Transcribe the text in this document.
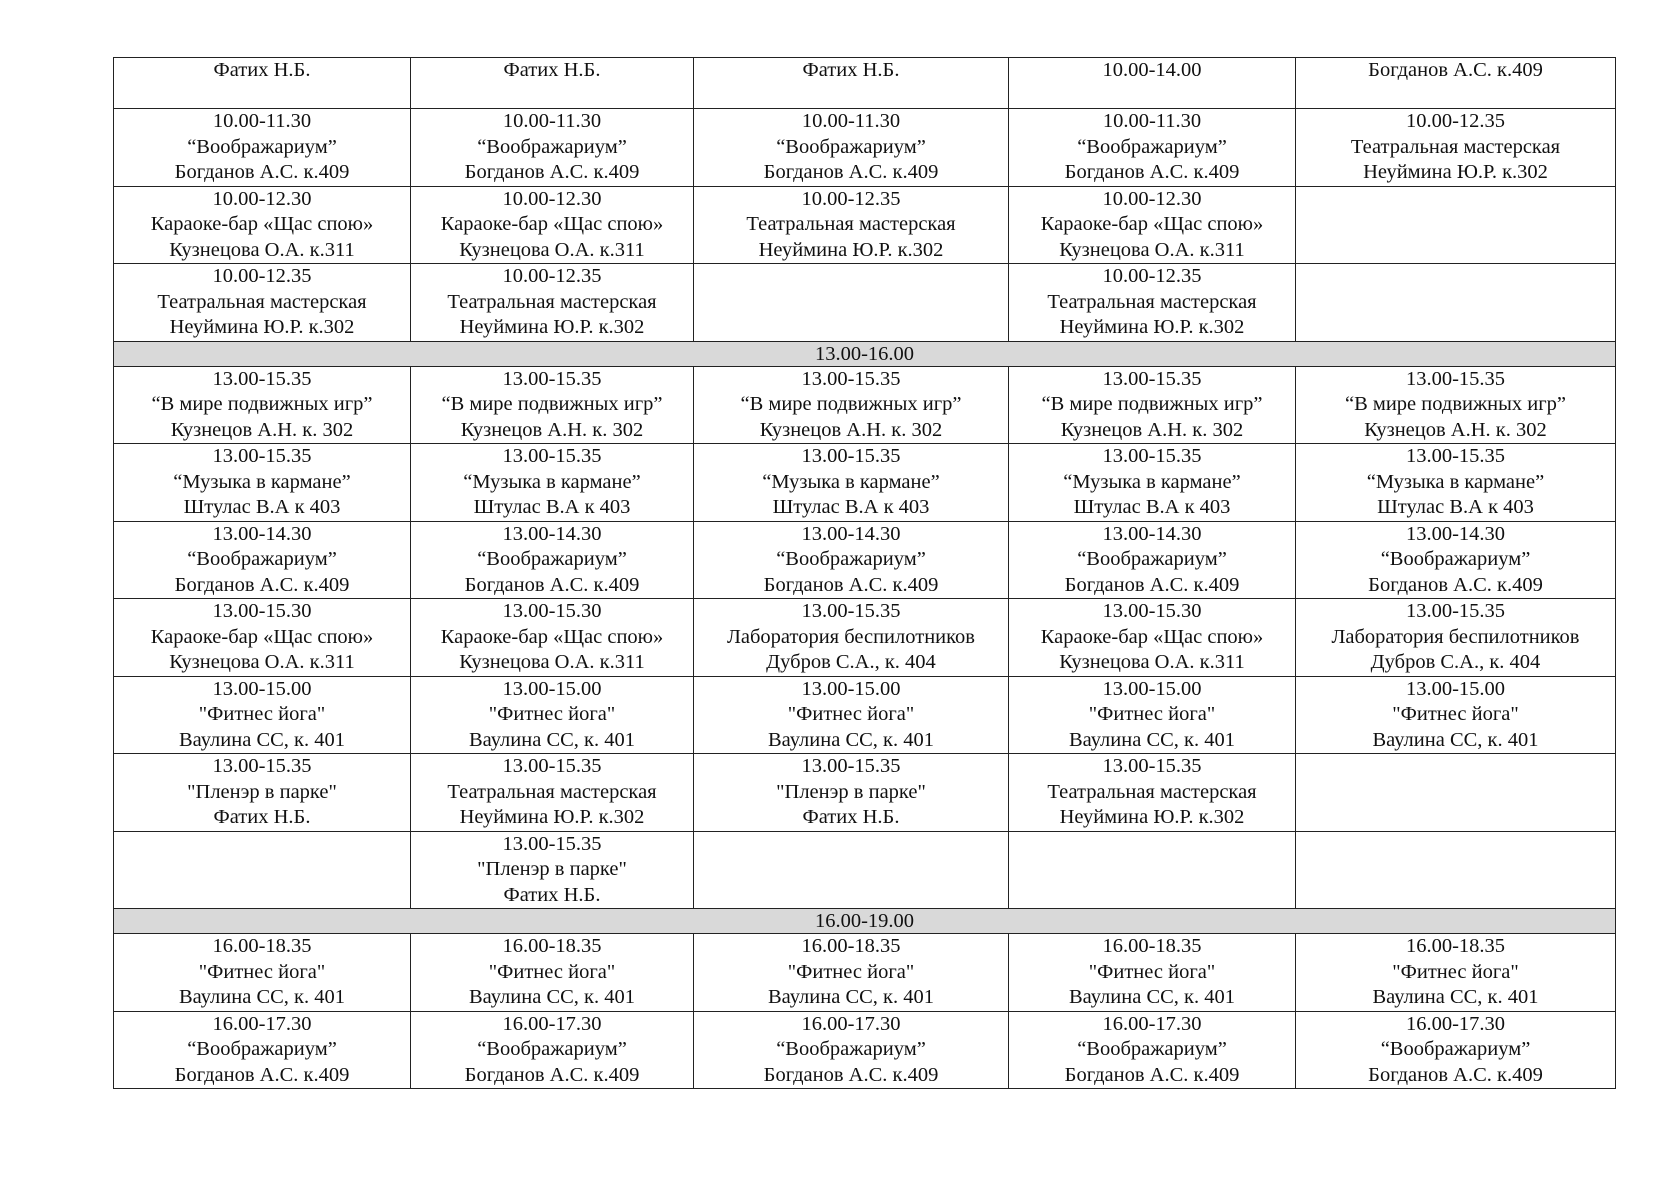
Фатих Н.Б.	Фатих Н.Б.	Фатих Н.Б.	10.00-14.00	Богданов А.С. к.409

10.00-11.30
“Воображариум”
Богданов А.С. к.409	10.00-11.30
“Воображариум”
Богданов А.С. к.409	10.00-11.30
“Воображариум”
Богданов А.С. к.409	10.00-11.30
“Воображариум”
Богданов А.С. к.409	10.00-12.35
Театральная мастерская
Неуймина Ю.Р. к.302

10.00-12.30
Караоке-бар «Щас спою»
Кузнецова О.А. к.311	10.00-12.30
Караоке-бар «Щас спою»
Кузнецова О.А. к.311	10.00-12.35
Театральная мастерская
Неуймина Ю.Р. к.302	10.00-12.30
Караоке-бар «Щас спою»
Кузнецова О.А. к.311	

10.00-12.35
Театральная мастерская
Неуймина Ю.Р. к.302	10.00-12.35
Театральная мастерская
Неуймина Ю.Р. к.302		10.00-12.35
Театральная мастерская
Неуймина Ю.Р. к.302	

13.00-16.00				

13.00-15.35
“В мире подвижных игр”
Кузнецов А.Н. к. 302	13.00-15.35
“В мире подвижных игр”
Кузнецов А.Н. к. 302	13.00-15.35
“В мире подвижных игр”
Кузнецов А.Н. к. 302	13.00-15.35
“В мире подвижных игр”
Кузнецов А.Н. к. 302	13.00-15.35
“В мире подвижных игр”
Кузнецов А.Н. к. 302

13.00-15.35
“Музыка в кармане”
Штулас В.А к 403	13.00-15.35
“Музыка в кармане”
Штулас В.А к 403	13.00-15.35
“Музыка в кармане”
Штулас В.А к 403	13.00-15.35
“Музыка в кармане”
Штулас В.А к 403	13.00-15.35
“Музыка в кармане”
Штулас В.А к 403

13.00-14.30
“Воображариум”
Богданов А.С. к.409	13.00-14.30
“Воображариум”
Богданов А.С. к.409	13.00-14.30
“Воображариум”
Богданов А.С. к.409	13.00-14.30
“Воображариум”
Богданов А.С. к.409	13.00-14.30
“Воображариум”
Богданов А.С. к.409

13.00-15.30
Караоке-бар «Щас спою»
Кузнецова О.А. к.311	13.00-15.30
Караоке-бар «Щас спою»
Кузнецова О.А. к.311	13.00-15.35
Лаборатория беспилотников
Дубров С.А., к. 404	13.00-15.30
Караоке-бар «Щас спою»
Кузнецова О.А. к.311	13.00-15.35
Лаборатория беспилотников
Дубров С.А., к. 404

13.00-15.00
"Фитнес йога"
Ваулина СС, к. 401	13.00-15.00
"Фитнес йога"
Ваулина СС, к. 401	13.00-15.00
"Фитнес йога"
Ваулина СС, к. 401	13.00-15.00
"Фитнес йога"
Ваулина СС, к. 401	13.00-15.00
"Фитнес йога"
Ваулина СС, к. 401

13.00-15.35
"Пленэр в парке"
Фатих Н.Б.	13.00-15.35
Театральная мастерская
Неуймина Ю.Р. к.302	13.00-15.35
"Пленэр в парке"
Фатих Н.Б.	13.00-15.35
Театральная мастерская
Неуймина Ю.Р. к.302	

	13.00-15.35
"Пленэр в парке"
Фатих Н.Б.			

16.00-19.00				

16.00-18.35
"Фитнес йога"
Ваулина СС, к. 401	16.00-18.35
"Фитнес йога"
Ваулина СС, к. 401	16.00-18.35
"Фитнес йога"
Ваулина СС, к. 401	16.00-18.35
"Фитнес йога"
Ваулина СС, к. 401	16.00-18.35
"Фитнес йога"
Ваулина СС, к. 401

16.00-17.30
“Воображариум”
Богданов А.С. к.409	16.00-17.30
“Воображариум”
Богданов А.С. к.409	16.00-17.30
“Воображариум”
Богданов А.С. к.409	16.00-17.30
“Воображариум”
Богданов А.С. к.409	16.00-17.30
“Воображариум”
Богданов А.С. к.409
